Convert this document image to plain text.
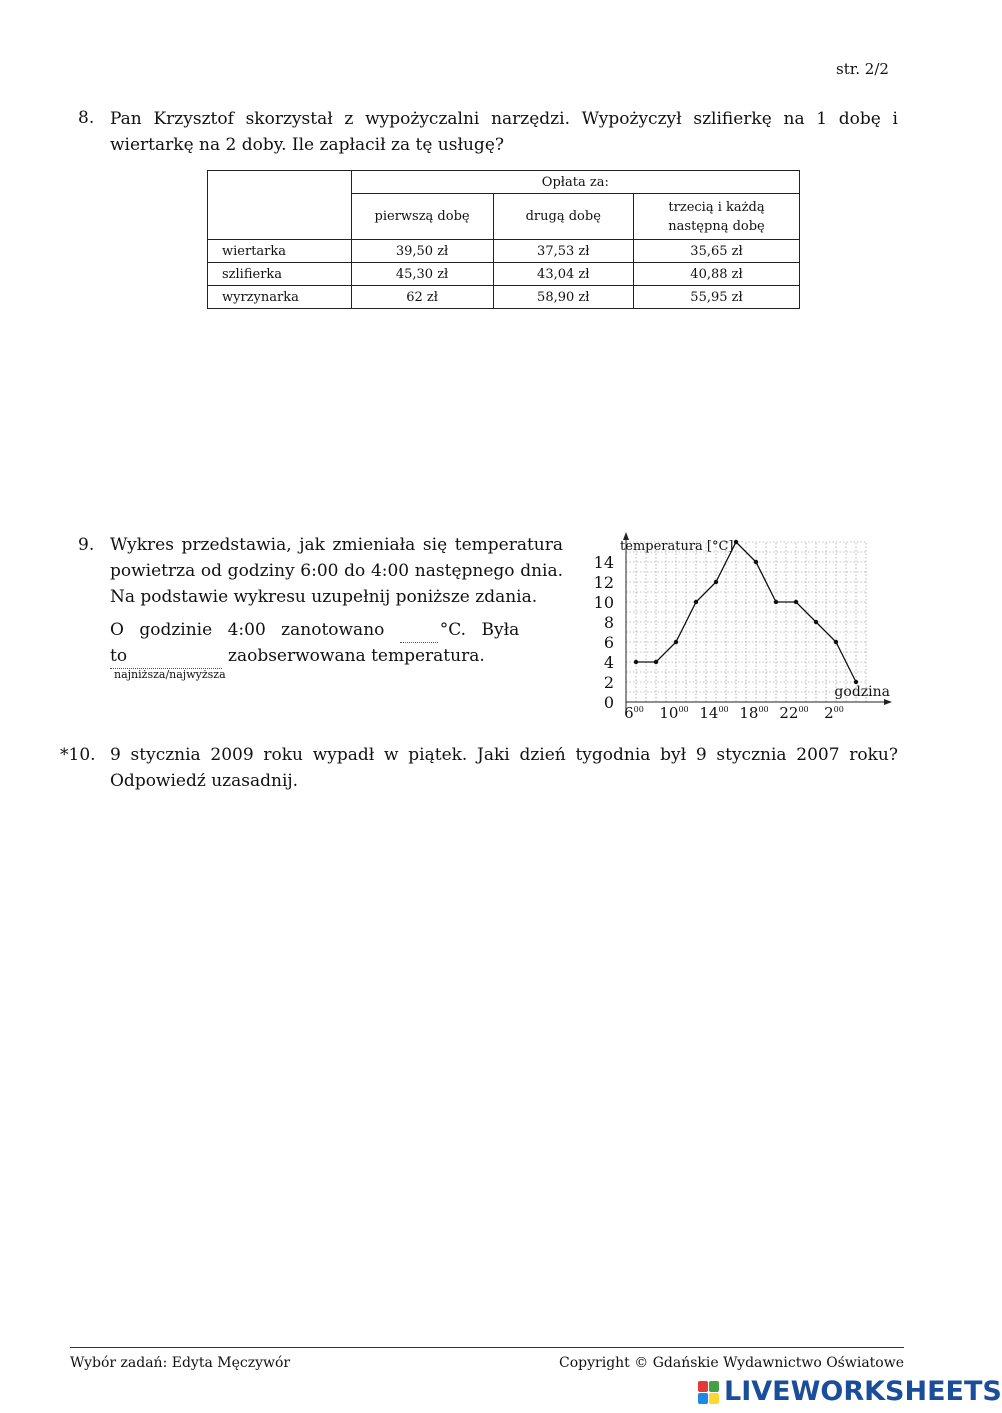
str. 2/2
8. Pan Krzysztof skorzystał z wypożyczalni narzędzi. Wypożyczył szlifierkę na 1 dobę i wiertarkę na 2 doby. Ile zapłacił za tę usługę?
	Opłata za:		
	pierwszą dobę	drugą dobę	trzecią i każdą następną dobę
wiertarka	39,50 zł	37,53 zł	35,65 zł
szlifierka	45,30 zł	43,04 zł	40,88 zł
wyrzynarka	62 zł	58,90 zł	55,95 zł
9. Wykres przedstawia, jak zmieniała się temperatura powietrza od godziny 6:00 do 4:00 następnego dnia. Na podstawie wykresu uzupełnij poniższe zdania.
O godzinie 4:00 zanotowano	°C. Była to	zaobserwowana temperatura.
najniższa/najwyższa
0
2
4
6
8
10
12
14
$6^{00}$ $10^{00}$ $14^{00}$ $18^{00}$ $22^{00}$ $2^{00}$
temperatura [°C]
godzina
*10. 9 stycznia 2009 roku wypadł w piątek. Jaki dzień tygodnia był 9 stycznia 2007 roku? Odpowiedź uzasadnij.
Wybór zadań: Edyta Męczywór	Copyright © Gdańskie Wydawnictwo Oświatowe
LIVEWORKSHEETS
